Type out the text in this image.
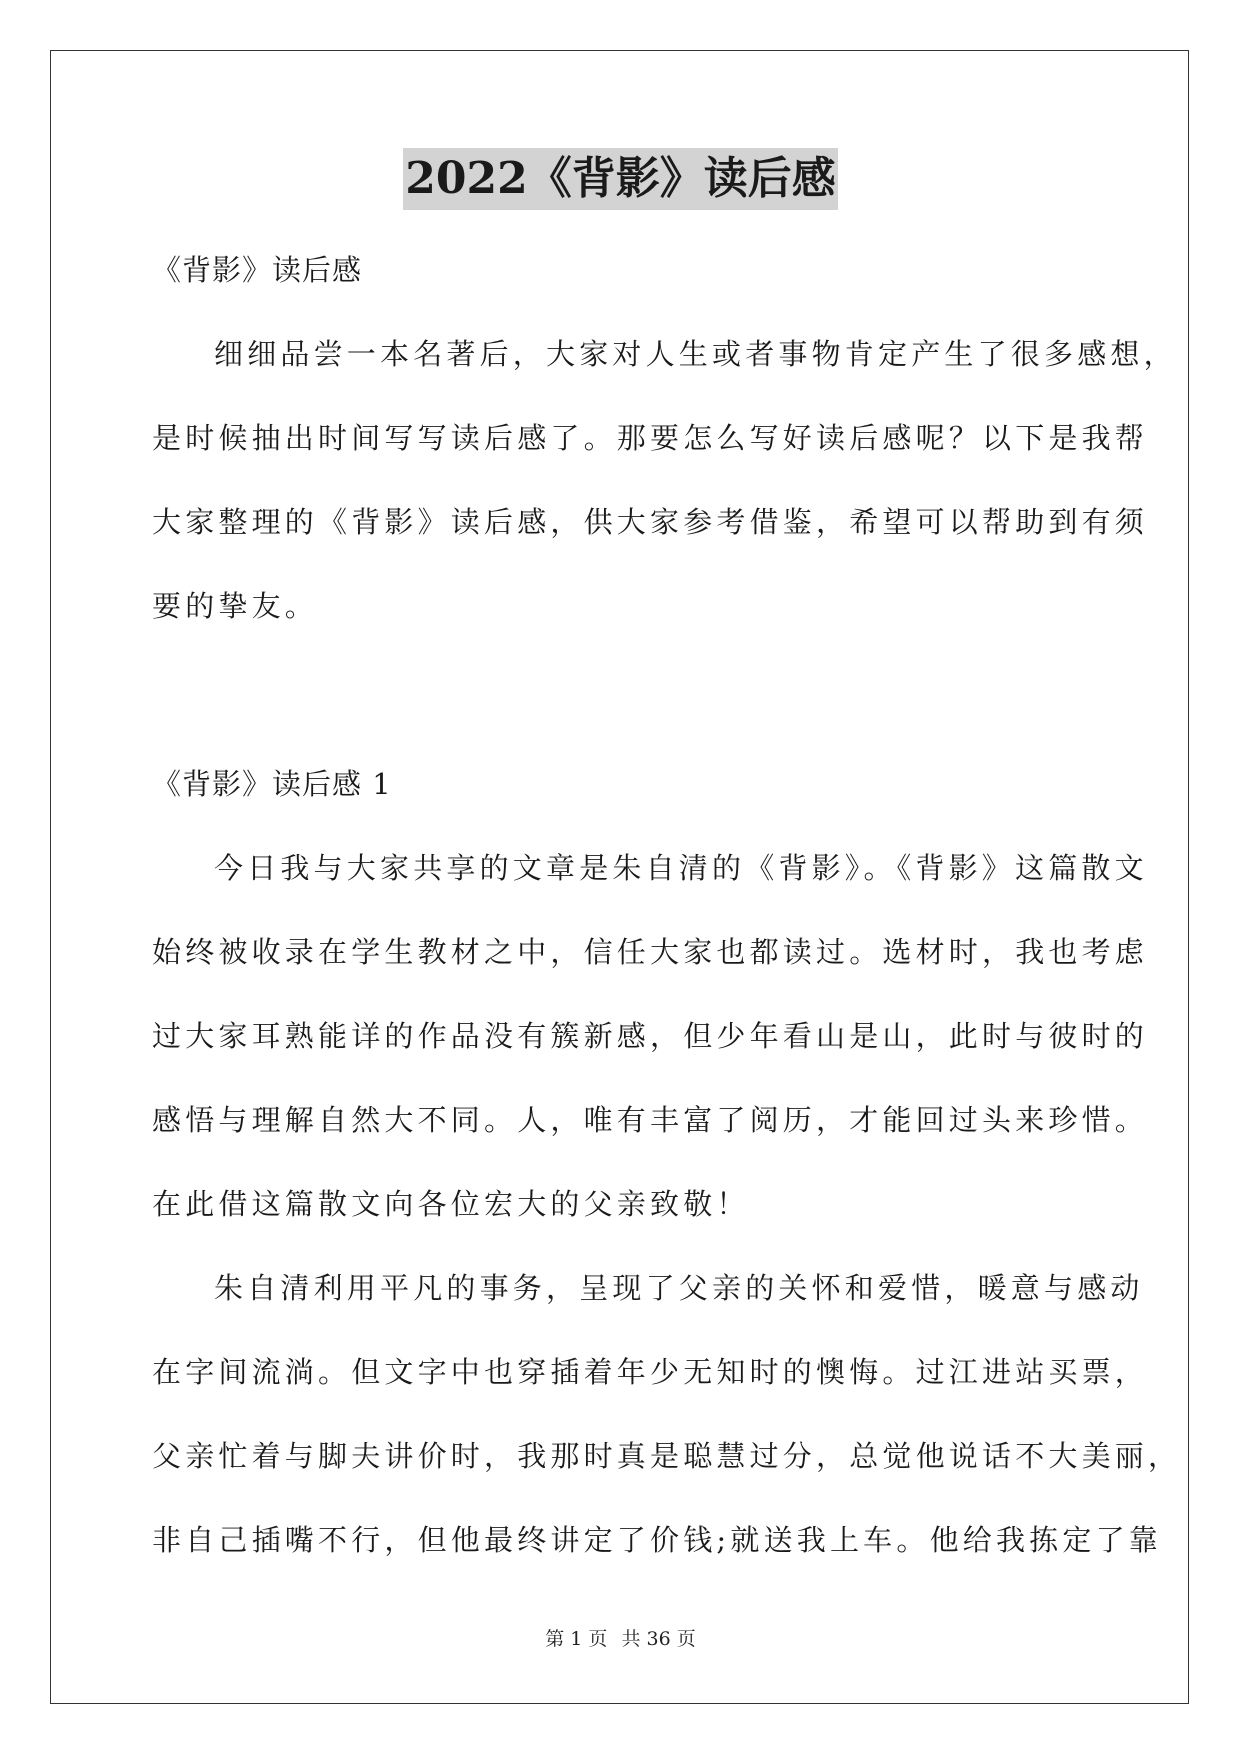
2022《背影》读后感
《背影》读后感
细细品尝一本名著后，大家对人生或者事物肯定产生了很多感想，
是时候抽出时间写写读后感了。那要怎么写好读后感呢？以下是我帮
大家整理的《背影》读后感，供大家参考借鉴，希望可以帮助到有须
要的挚友。
《背影》读后感 1
今日我与大家共享的文章是朱自清的《背影》。《背影》这篇散文
始终被收录在学生教材之中，信任大家也都读过。选材时，我也考虑
过大家耳熟能详的作品没有簇新感，但少年看山是山，此时与彼时的
感悟与理解自然大不同。人，唯有丰富了阅历，才能回过头来珍惜。
在此借这篇散文向各位宏大的父亲致敬！
朱自清利用平凡的事务，呈现了父亲的关怀和爱惜，暖意与感动
在字间流淌。但文字中也穿插着年少无知时的懊悔。过江进站买票，
父亲忙着与脚夫讲价时，我那时真是聪慧过分，总觉他说话不大美丽，
非自己插嘴不行，但他最终讲定了价钱;就送我上车。他给我拣定了靠
第 1 页 共 36 页
